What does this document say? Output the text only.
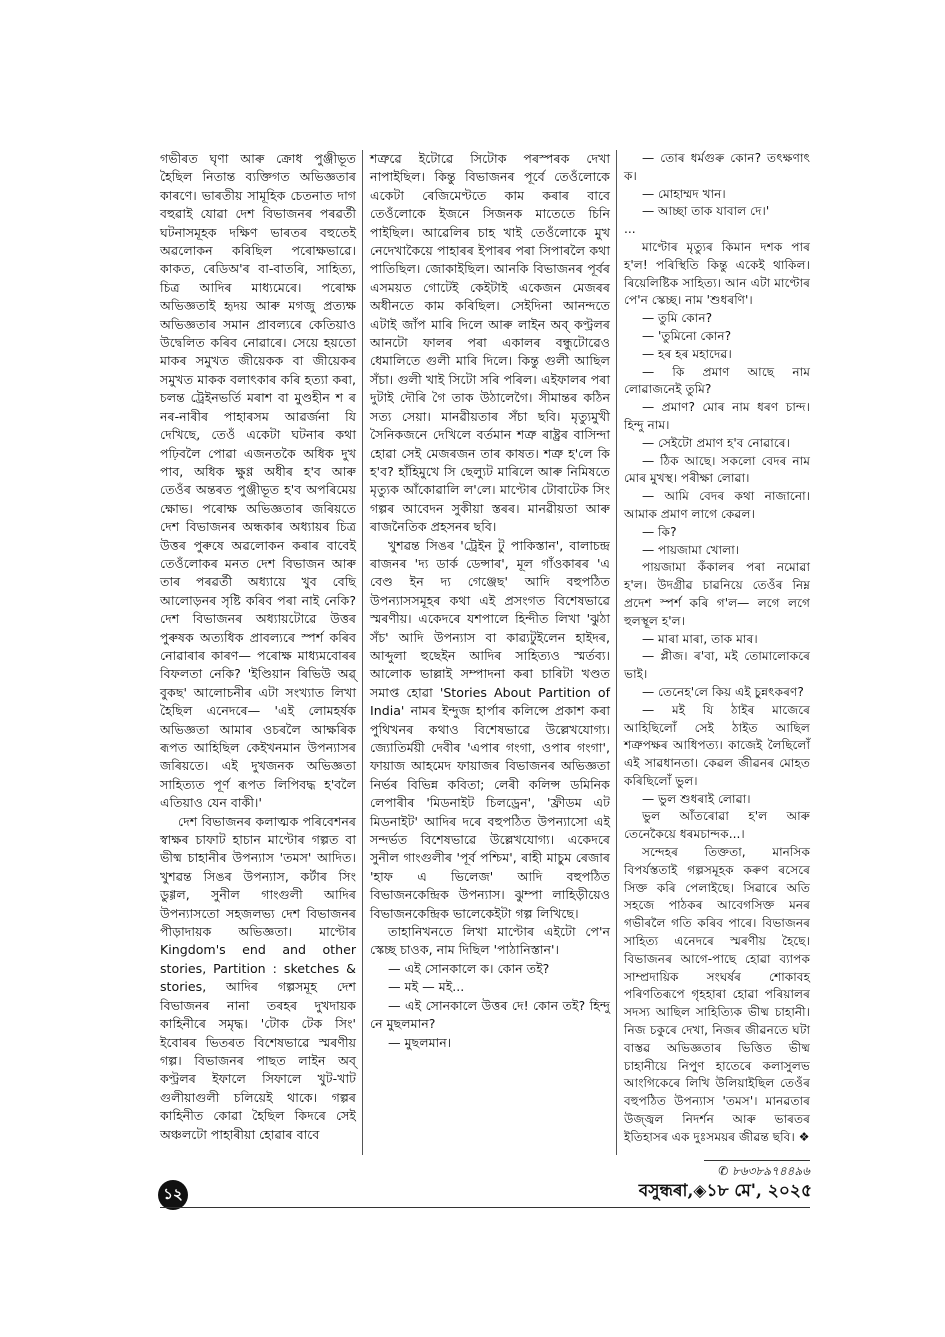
গভীৰত ঘৃণা আৰু ক্ৰোধ পুঞ্জীভূত হৈছিল নিতান্ত ব্যক্তিগত অভিজ্ঞতাৰ কাৰণে। ভাৰতীয় সামূহিক চেতনাত দাগ বহুৱাই যোৱা দেশ বিভাজনৰ পৰৱৰ্তী ঘটনাসমূহক দক্ষিণ ভাৰতৰ বহুতেই অৱলোকন কৰিছিল পৰোক্ষভাৱে। কাকত, ৰেডিঅ'ৰ বা-বাতৰি, সাহিত্য, চিত্ৰ আদিৰ মাধ্যমেৰে। পৰোক্ষ অভিজ্ঞতাই হৃদয় আৰু মগজু প্ৰত্যক্ষ অভিজ্ঞতাৰ সমান প্ৰাবল্যৰে কেতিয়াও উদ্বেলিত কৰিব নোৱাৰে। সেয়ে হয়তো মাকৰ সমুখত জীয়েকক বা জীয়েকৰ সমুখত মাকক বলাৎকাৰ কৰি হত্যা কৰা, চলন্ত ট্ৰেইনভৰ্তি মৰাশ বা মুণ্ডহীন শ ৰ নৰ-নাৰীৰ পাহাৰসম আৱৰ্জনা যি দেখিছে, তেওঁ একেটা ঘটনাৰ কথা পঢ়িবলৈ পোৱা এজনতকৈ অধিক দুখ পাব, অধিক ক্ষুণ্ণ অধীৰ হ'ব আৰু তেওঁৰ অন্তৰত পুঞ্জীভূত হ'ব অপৰিমেয় ক্ষোভ। পৰোক্ষ অভিজ্ঞতাৰ জৰিয়তে দেশ বিভাজনৰ অন্ধকাৰ অধ্যায়ৰ চিত্ৰ উত্তৰ পুৰুষে অৱলোকন কৰাৰ বাবেই তেওঁলোকৰ মনত দেশ বিভাজন আৰু তাৰ পৰৱৰ্তী অধ্যায়ে খুব বেছি আলোড়নৰ সৃষ্টি কৰিব পৰা নাই নেকি? দেশ বিভাজনৰ অধ্যায়টোৱে উত্তৰ পুৰুষক অত্যধিক প্ৰাবল্যৰে স্পৰ্শ কৰিব নোৱাৰাৰ কাৰণ— পৰোক্ষ মাধ্যমবোৰৰ বিফলতা নেকি? 'ইণ্ডিয়ান ৰিভিউ অৱ্ বুকছ' আলোচনীৰ এটা সংখ্যাত লিখা হৈছিল এনেদৰে— 'এই লোমহৰ্ষক অভিজ্ঞতা আমাৰ ওচৰলৈ আক্ষৰিক ৰূপত আহিছিল কেইখনমান উপন্যাসৰ জৰিয়তে। এই দুখজনক অভিজ্ঞতা সাহিত্যত পূৰ্ণ ৰূপত লিপিবদ্ধ হ'বলৈ এতিয়াও যেন বাকী।'

দেশ বিভাজনৰ কলাত্মক পৰিবেশনৰ স্বাক্ষৰ চাফাট হাচান মাণ্টোৰ গল্পত বা ভীষ্ম চাহানীৰ উপন্যাস 'তমস' আদিত। খুশৱন্ত সিঙৰ উপন্যাস, কৰ্টাৰ সিং ডুগ্গল, সুনীল গাংগুলী আদিৰ উপন্যাসতো সহজলভ্য দেশ বিভাজনৰ পীড়াদায়ক অভিজ্ঞতা। মাণ্টোৰ Kingdom's end and other stories, Partition : sketches & stories, আদিৰ গল্পসমূহ দেশ বিভাজনৰ নানা তৰহৰ দুখদায়ক কাহিনীৰে সমৃদ্ধ। 'টোক টেক সিং' ইবোৰৰ ভিতৰত বিশেষভাৱে স্মৰণীয় গল্প। বিভাজনৰ পাছত লাইন অব্ কণ্ট্ৰলৰ ইফালে সিফালে খুট-খাট গুলীয়াগুলী চলিয়েই থাকে। গল্পৰ কাহিনীত কোৱা হৈছিল কিদৰে সেই অঞ্চলটো পাহাৰীয়া হোৱাৰ বাবে

শত্ৰুৱে ইটোৱে সিটোক পৰস্পৰক দেখা নাপাইছিল। কিন্তু বিভাজনৰ পূৰ্বে তেওঁলোকে একেটা ৰেজিমেণ্টতে কাম কৰাৰ বাবে তেওঁলোকে ইজনে সিজনক মাতেতে চিনি পাইছিল। আৱেলিৰ চাহ খাই তেওঁলোকে মুখ নেদেখাকৈয়ে পাহাৰৰ ইপাৰৰ পৰা সিপাৰলৈ কথা পাতিছিল। জোকাইছিল। আনকি বিভাজনৰ পূৰ্বৰ এসময়ত গোটেই কেইটাই একেজন মেজৰৰ অধীনতে কাম কৰিছিল। সেইদিনা আনন্দতে এটাই জাঁপ মাৰি দিলে আৰু লাইন অব্ কণ্ট্ৰলৰ আনটো ফালৰ পৰা একালৰ বন্ধুটোৱেও ধেমালিতে গুলী মাৰি দিলে। কিন্তু গুলী আছিল সঁচা। গুলী খাই সিটো সৰি পৰিল। এইফালৰ পৰা দুটাই দৌৰি গৈ তাক উঠালেগৈ। সীমান্তৰ কঠিন সত্য সেয়া। মানৱীয়তাৰ সঁচা ছবি। মৃত্যুমুখী সৈনিকজনে দেখিলে বৰ্তমান শত্ৰু ৰাষ্ট্ৰৰ বাসিন্দা হোৱা সেই মেজৰজন তাৰ কাষত। শত্ৰু হ'লে কি হ'ব? হাঁহিমুখে সি ছেল্যুট মাৰিলে আৰু নিমিষতে মৃত্যুক আঁকোৱালি ল'লে। মাণ্টোৰ টোবাটেক সিং গল্পৰ আবেদন সুকীয়া স্তৰৰ। মানৱীয়তা আৰু ৰাজনৈতিক প্ৰহসনৰ ছবি।

খুশৱন্ত সিঙৰ 'ট্ৰেইন টু পাকিস্তান', বালাচন্দ্ৰ ৰাজনৰ 'দ্য ডাৰ্ক ডেন্সাৰ', মূল গাঁওকাৰৰ 'এ বেণ্ড ইন দ্য গেঞ্জেছ' আদি বহুপঠিত উপন্যাসসমূহৰ কথা এই প্ৰসংগত বিশেষভাৱে স্মৰণীয়। একেদৰে যশপালে হিন্দীত লিখা 'ঝুঠা সঁচ' আদি উপন্যাস বা কাৱ্যটুইলেন হাইদৰ, আব্দুলা হুছেইন আদিৰ সাহিত্যও স্মৰ্তব্য। আলোক ভাল্লাই সম্পাদনা কৰা চাৰিটা খণ্ডত সমাপ্ত হোৱা 'Stories About Partition of India' নামৰ ইন্দুজ হাৰ্পাৰ কলিন্সে প্ৰকাশ কৰা পুথিখনৰ কথাও বিশেষভাৱে উল্লেখযোগ্য। জ্যোতিৰ্ময়ী দেবীৰ 'এপাৰ গংগা, ওপাৰ গংগা', ফায়াজ আহমেদ ফায়াজৰ বিভাজনৰ অভিজ্ঞতা নিৰ্ভৰ বিভিন্ন কবিতা; লেৰী কলিন্স ডমিনিক লেপাৰীৰ 'মিডনাইট চিলড্ৰেন', 'ফ্ৰীডম এট মিডনাইট' আদিৰ দৰে বহুপঠিত উপন্যাসো এই সন্দৰ্ভত বিশেষভাৱে উল্লেখযোগ্য। একেদৰে সুনীল গাংগুলীৰ 'পূৰ্ব পশ্চিম', ৰাহী মাচুম ৰেজাৰ 'হাফ এ ভিলেজ' আদি বহুপঠিত বিভাজনকেন্দ্ৰিক উপন্যাস। ঝুম্পা লাহিড়ীয়েও বিভাজনকেন্দ্ৰিক ভালেকেইটা গল্প লিখিছে।

তাহানিখনতে লিখা মাণ্টোৰ এইটো পে'ন স্কেচ্ছ চাওক, নাম দিছিল 'পাঠানিস্তান'।

— এই সোনকালে ক। কোন তই?

— মই — মই...

— এই সোনকালে উত্তৰ দে! কোন তই? হিন্দু নে মুছলমান?

— মুছলমান।

— তোৰ ধৰ্মগুৰু কোন? তৎক্ষণাৎ ক।

— মোহাম্মদ খান।

— আচ্ছা তাক যাবাল দে।'

...

মাণ্টোৰ মৃত্যুৰ কিমান দশক পাৰ হ'ল! পৰিস্থিতি কিন্তু একেই থাকিল। ৰিয়েলিষ্টিক সাহিত্য। আন এটা মাণ্টোৰ পে'ন স্কেচ্ছ। নাম 'শুধৰণি'।

— তুমি কোন?

— 'তুমিনো কোন?

— হৰ হৰ মহাদেৱ।

— কি প্ৰমাণ আছে নাম লোৱাজনেই তুমি?

— প্ৰমাণ? মোৰ নাম ধৰণ চান্দ। হিন্দু নাম।

— সেইটো প্ৰমাণ হ'ব নোৱাৰে।

— ঠিক আছে। সকলো বেদৰ নাম মোৰ মুখস্থ। পৰীক্ষা লোৱা।

— আমি বেদৰ কথা নাজানো। আমাক প্ৰমাণ লাগে কেৱল।

— কি?

— পায়জামা খোলা।

পায়জামা কঁকালৰ পৰা নমোৱা হ'ল। উদগ্ৰীৱ চাৱনিয়ে তেওঁৰ নিম্ন প্ৰদেশ স্পৰ্শ কৰি গ'ল— লগে লগে হুলস্থূল হ'ল।

— মাৰা মাৰা, তাক মাৰ।

— প্লীজ। ৰ'বা, মই তোমালোকৰে ভাই।

— তেনেহ'লে কিয় এই চুন্নৎকৰণ?

— মই যি ঠাইৰ মাজেৰে আহিছিলোঁ সেই ঠাইত আছিল শত্ৰুপক্ষৰ আধিপত্য। কাজেই লৈছিলোঁ এই সাৱধানতা। কেৱল জীৱনৰ মোহত কৰিছিলোঁ ভুল।

— ভুল শুধৰাই লোৱা।

ভুল আঁতৰোৱা হ'ল আৰু তেনেকৈয়ে ধৰমচান্দক...।

সন্দেহৰ তিক্ততা, মানসিক বিপৰ্যস্ততাই গল্পসমূহক কৰুণ ৰসেৰে সিক্ত কৰি পেলাইছে। সিৱাৰে অতি সহজে পাঠকৰ আবেগসিক্ত মনৰ গভীৰলৈ গতি কৰিব পাৰে। বিভাজনৰ সাহিত্য এনেদৰে স্মৰণীয় হৈছে। বিভাজনৰ আগে-পাছে হোৱা ব্যাপক সাম্প্ৰদায়িক সংঘৰ্ষৰ শোকাবহ পৰিণতিৰূপে গৃহহাৰা হোৱা পৰিয়ালৰ সদস্য আছিল সাহিত্যিক ভীষ্ম চাহানী। নিজ চকুৰে দেখা, নিজৰ জীৱনতে ঘটা বাস্তৱ অভিজ্ঞতাৰ ভিত্তিত ভীষ্ম চাহানীয়ে নিপুণ হাতেৰে কলাসুলভ আংগিকেৰে লিখি উলিয়াইছিল তেওঁৰ বহুপঠিত উপন্যাস 'তমস'। মানৱতাৰ উজ্জ্বল নিদৰ্শন আৰু ভাৰতৰ ইতিহাসৰ এক দুঃসময়ৰ জীৱন্ত ছবি। ❖

✆ ৮৬৩৮৯৭৪৪৯৬
১২	বসুন্ধৰা,◈১৮ মে', ২০২৫
